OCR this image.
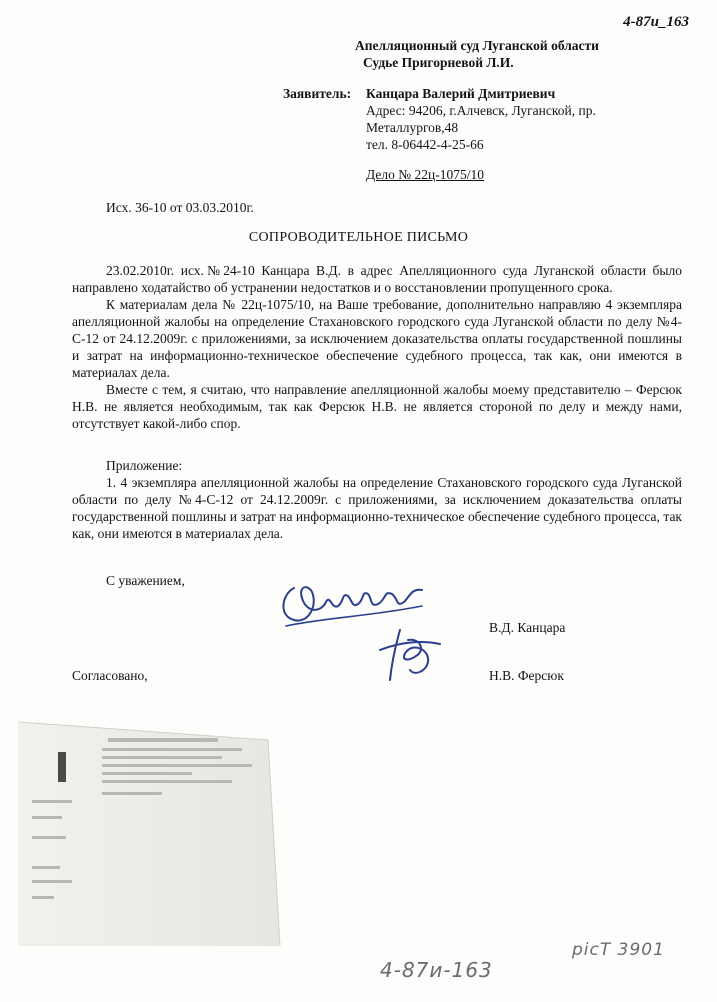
4-87и_163
Апелляционный суд Луганской области
Судье Пригорневой Л.И.
Заявитель: Канцара Валерий Дмитриевич
Адрес: 94206, г.Алчевск, Луганской, пр.
Металлургов,48
тел. 8-06442-4-25-66
Дело № 22ц-1075/10
Исх. 36-10 от 03.03.2010г.
СОПРОВОДИТЕЛЬНОЕ ПИСЬМО

23.02.2010г. исх.№24-10 Канцара В.Д. в адрес Апелляционного суда Луганской области было направлено ходатайство об устранении недостатков и о восстановлении пропущенного срока.

К материалам дела № 22ц-1075/10, на Ваше требование, дополнительно направляю 4 экземпляра апелляционной жалобы на определение Стахановского городского суда Луганской области по делу №4-С-12 от 24.12.2009г. с приложениями, за исключением доказательства оплаты государственной пошлины и затрат на информационно-техническое обеспечение судебного процесса, так как, они имеются в материалах дела.

Вместе с тем, я считаю, что направление апелляционной жалобы моему представителю – Ферсюк Н.В. не является необходимым, так как Ферсюк Н.В. не является стороной по делу и между нами, отсутствует какой-либо спор.

Приложение:

1. 4 экземпляра апелляционной жалобы на определение Стахановского городского суда Луганской области по делу №4-С-12 от 24.12.2009г. с приложениями, за исключением доказательства оплаты государственной пошлины и затрат на информационно-техническое обеспечение судебного процесса, так как, они имеются в материалах дела.

С уважением,
В.Д. Канцара
Согласовано,	Н.В. Ферсюк
4-87и-163
рісТ 3901
